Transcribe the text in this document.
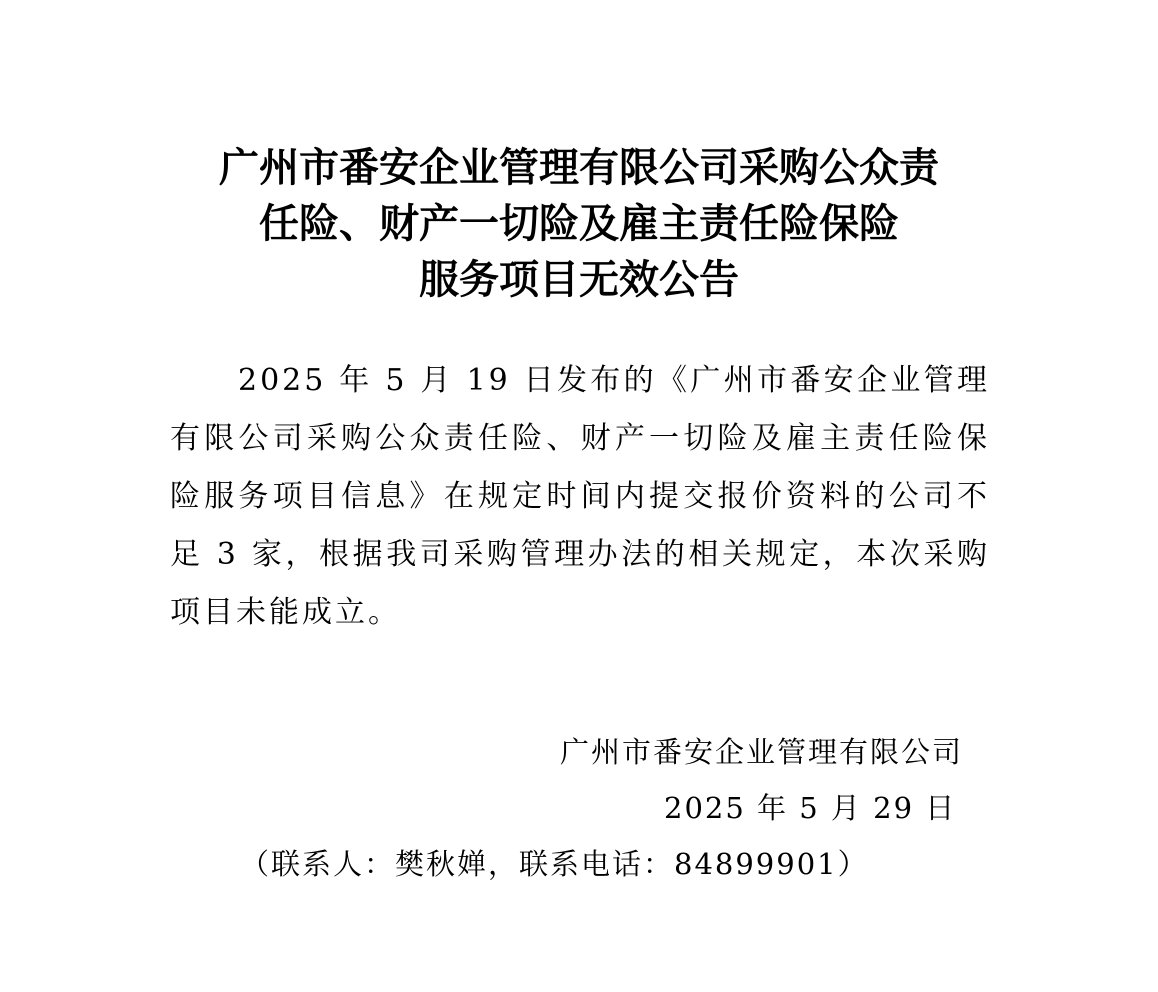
广州市番安企业管理有限公司采购公众责
任险、财产一切险及雇主责任险保险
服务项目无效公告

2025 年 5 月 19 日发布的《广州市番安企业管理有限公司采购公众责任险、财产一切险及雇主责任险保险服务项目信息》在规定时间内提交报价资料的公司不足 3 家，根据我司采购管理办法的相关规定，本次采购项目未能成立。

广州市番安企业管理有限公司
2025 年 5 月 29 日
（联系人：樊秋婵，联系电话：84899901）
